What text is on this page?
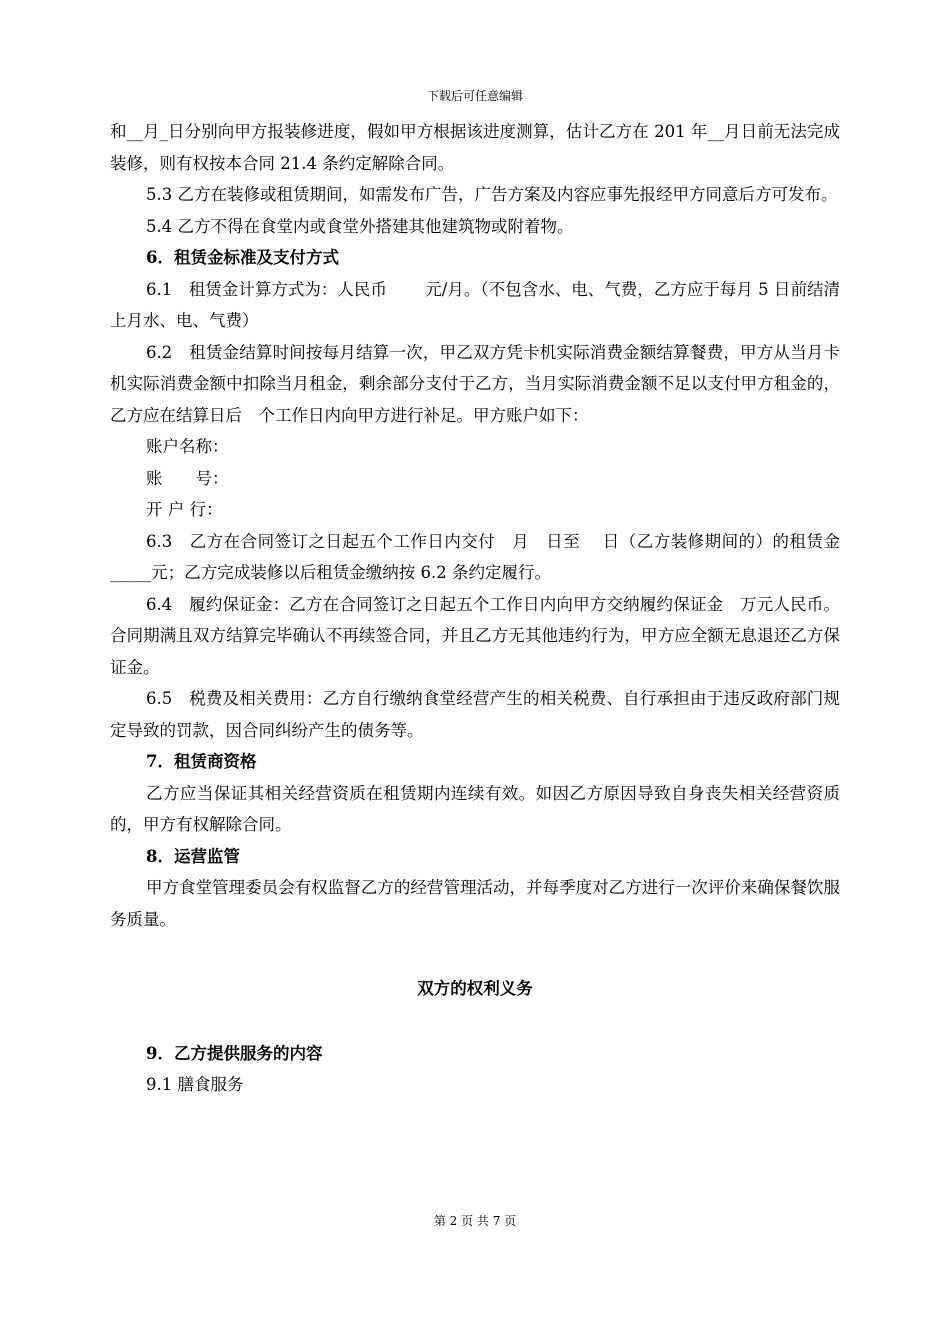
下载后可任意编辑

和__月_日分别向甲方报装修进度，假如甲方根据该进度测算，估计乙方在 201 年__月日前无法完成装修，则有权按本合同 21.4 条约定解除合同。

5.3 乙方在装修或租赁期间，如需发布广告，广告方案及内容应事先报经甲方同意后方可发布。

5.4 乙方不得在食堂内或食堂外搭建其他建筑物或附着物。

6．租赁金标准及支付方式

6.1　租赁金计算方式为：人民币　　 元/月。（不包含水、电、气费，乙方应于每月 5 日前结清上月水、电、气费）

6.2　租赁金结算时间按每月结算一次，甲乙双方凭卡机实际消费金额结算餐费，甲方从当月卡机实际消费金额中扣除当月租金，剩余部分支付于乙方，当月实际消费金额不足以支付甲方租金的，乙方应在结算日后　个工作日内向甲方进行补足。甲方账户如下：

账户名称：

账　　号：

开 户 行：

6.3　乙方在合同签订之日起五个工作日内交付　月　日至　 日（乙方装修期间的）的租赁金_____元；乙方完成装修以后租赁金缴纳按 6.2 条约定履行。

6.4　履约保证金：乙方在合同签订之日起五个工作日内向甲方交纳履约保证金　万元人民币。合同期满且双方结算完毕确认不再续签合同，并且乙方无其他违约行为，甲方应全额无息退还乙方保证金。

6.5　税费及相关费用：乙方自行缴纳食堂经营产生的相关税费、自行承担由于违反政府部门规定导致的罚款，因合同纠纷产生的债务等。

7．租赁商资格

乙方应当保证其相关经营资质在租赁期内连续有效。如因乙方原因导致自身丧失相关经营资质的，甲方有权解除合同。

8．运营监管

甲方食堂管理委员会有权监督乙方的经营管理活动，并每季度对乙方进行一次评价来确保餐饮服务质量。

双方的权利义务

9．乙方提供服务的内容

9.1 膳食服务

第 2 页 共 7 页
